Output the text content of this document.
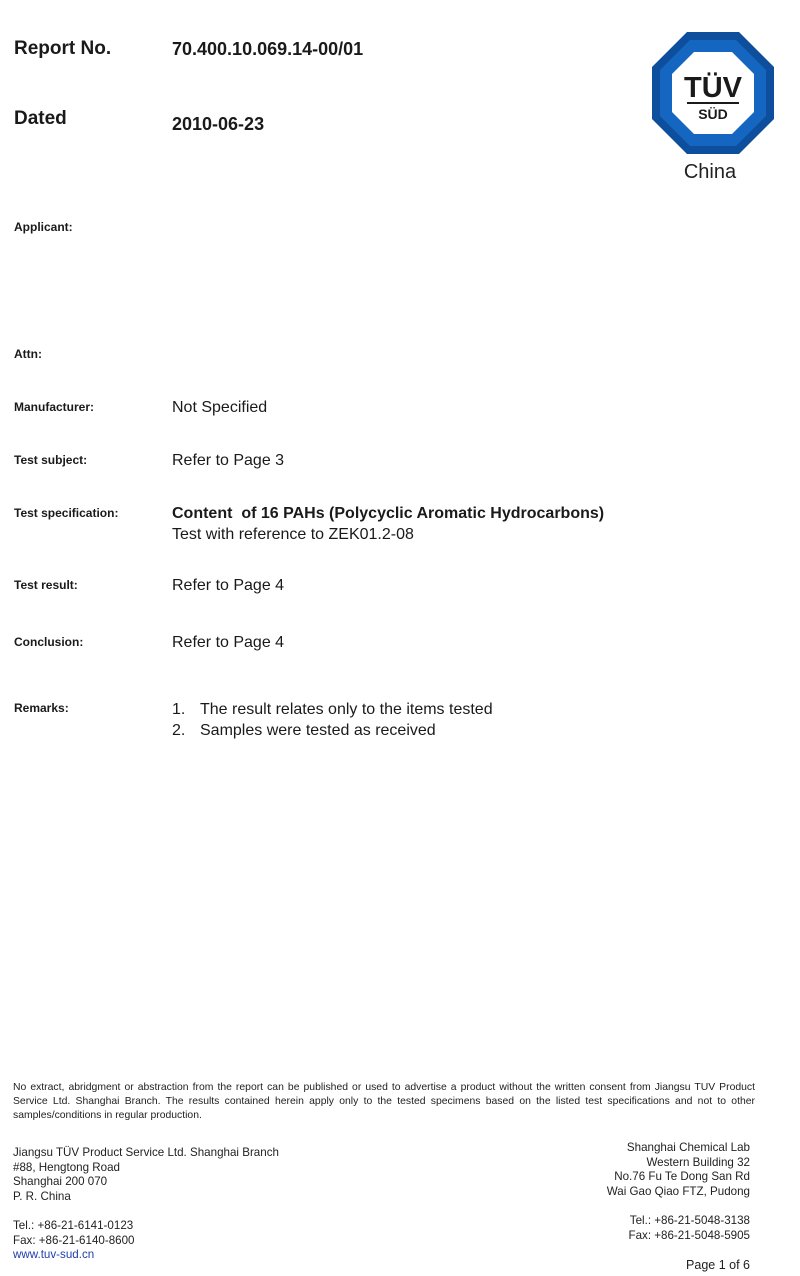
Report No.	70.400.10.069.14-00/01
Dated	2010-06-23
TÜV
SÜD
China
Applicant:
Attn:
Manufacturer:	Not Specified
Test subject:	Refer to Page 3
Test specification:	Content  of 16 PAHs (Polycyclic Aromatic Hydrocarbons)
Test with reference to ZEK01.2-08
Test result:	Refer to Page 4
Conclusion:	Refer to Page 4
Remarks:	1. The result relates only to the items tested
2. Samples were tested as received
No extract, abridgment or abstraction from the report can be published or used to advertise a product without the written consent from Jiangsu TUV Product Service Ltd. Shanghai Branch. The results contained herein apply only to the tested specimens based on the listed test specifications and not to other samples/conditions in regular production.
Jiangsu TÜV Product Service Ltd. Shanghai Branch
#88, Hengtong Road
Shanghai 200 070
P. R. China
Tel.: +86-21-6141-0123
Fax: +86-21-6140-8600
www.tuv-sud.cn
Shanghai Chemical Lab
Western Building 32
No.76 Fu Te Dong San Rd
Wai Gao Qiao FTZ, Pudong
Tel.: +86-21-5048-3138
Fax: +86-21-5048-5905
Page 1 of 6
